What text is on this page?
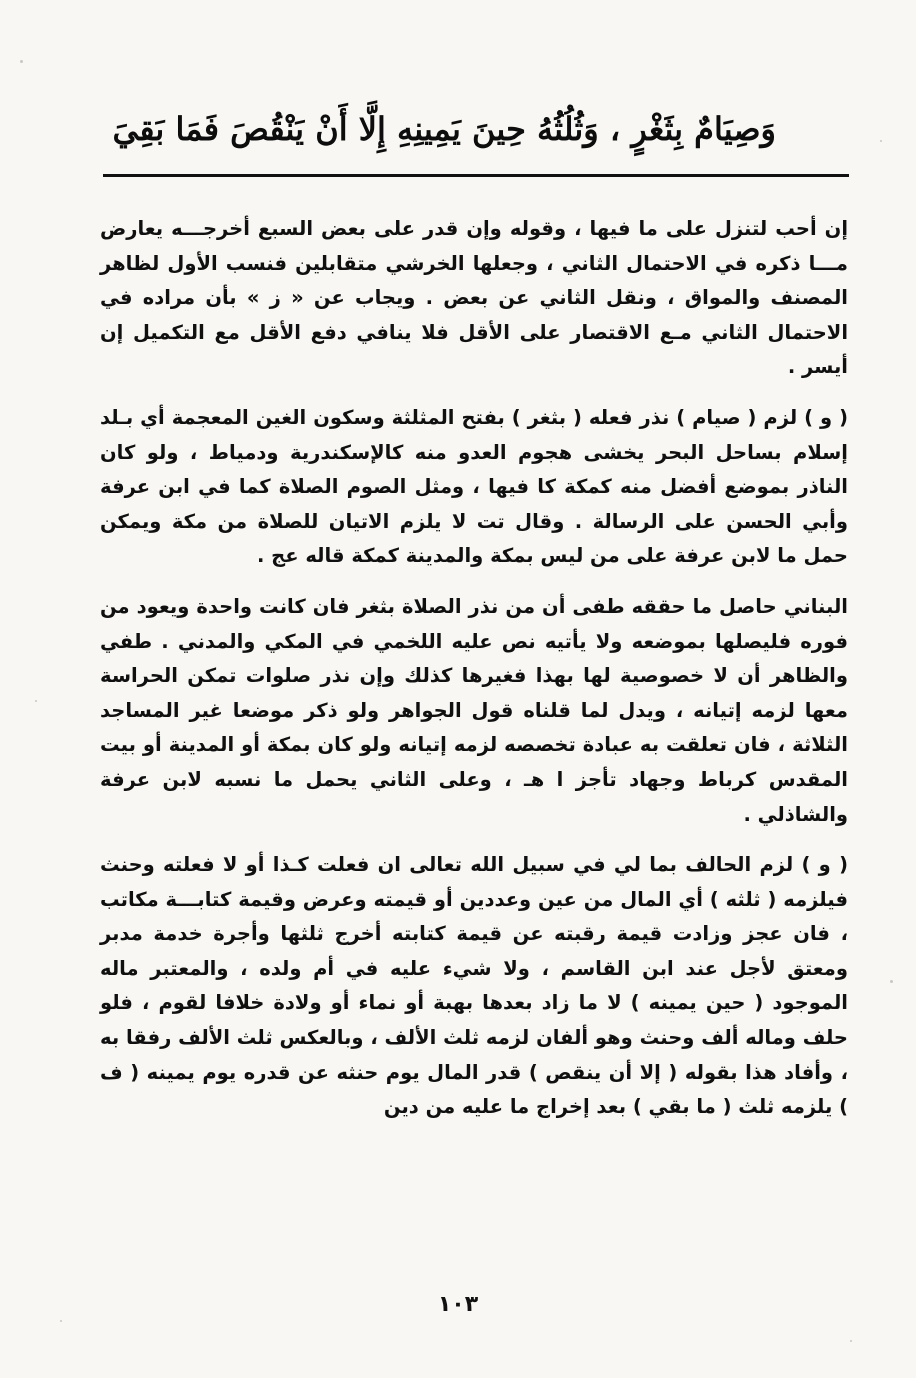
وَصِيَامٌ بِثَغْرٍ ، وَثُلُثُهُ حِينَ يَمِينِهِ إِلَّا أَنْ يَنْقُصَ فَمَا بَقِيَ

إن أحب لتنزل على ما فيها ، وقوله وإن قدر على بعض السبع أخرجـــه يعارض مـــا ذكره في الاحتمال الثاني ، وجعلها الخرشي متقابلين فنسب الأول لظاهر المصنف والمواق ، ونقل الثاني عن بعض . ويجاب عن « ز » بأن مراده في الاحتمال الثاني مـع الاقتصار على الأقل فلا ينافي دفع الأقل مع التكميل إن أيسر .

( و ) لزم ( صيام ) نذر فعله ( بثغر ) بفتح المثلثة وسكون الغين المعجمة أي بـلد إسلام بساحل البحر يخشى هجوم العدو منه كالإسكندرية ودمياط ، ولو كان الناذر بموضع أفضل منه كمكة كا فيها ، ومثل الصوم الصلاة كما في ابن عرفة وأبي الحسن على الرسالة . وقال تت لا يلزم الاتيان للصلاة من مكة ويمكن حمل ما لابن عرفة على من ليس بمكة والمدينة كمكة قاله عج .

البناني حاصل ما حققه طفى أن من نذر الصلاة بثغر فان كانت واحدة ويعود من فوره فليصلها بموضعه ولا يأتيه نص عليه اللخمي في المكي والمدني . طفي والظاهر أن لا خصوصية لها بهذا فغيرها كذلك وإن نذر صلوات تمكن الحراسة معها لزمه إتيانه ، ويدل لما قلناه قول الجواهر ولو ذكر موضعا غير المساجد الثلاثة ، فان تعلقت به عبادة تخصصه لزمه إتيانه ولو كان بمكة أو المدينة أو بيت المقدس كرباط وجهاد تأجز ا هـ ، وعلى الثاني يحمل ما نسبه لابن عرفة والشاذلي .

( و ) لزم الحالف بما لي في سبيل الله تعالى ان فعلت كـذا أو لا فعلته وحنث فيلزمه ( ثلثه ) أي المال من عين وعددين أو قيمته وعرض وقيمة كتابـــة مكاتب ، فان عجز وزادت قيمة رقبته عن قيمة كتابته أخرج ثلثها وأجرة خدمة مدبر ومعتق لأجل عند ابن القاسم ، ولا شيء عليه في أم ولده ، والمعتبر ماله الموجود ( حين يمينه ) لا ما زاد بعدها بهبة أو نماء أو ولادة خلافا لقوم ، فلو حلف وماله ألف وحنث وهو ألفان لزمه ثلث الألف ، وبالعكس ثلث الألف رفقا به ، وأفاد هذا بقوله ( إلا أن ينقص ) قدر المال يوم حنثه عن قدره يوم يمينه ( ف ) يلزمه ثلث ( ما بقي ) بعد إخراج ما عليه من دين

١٠٣
